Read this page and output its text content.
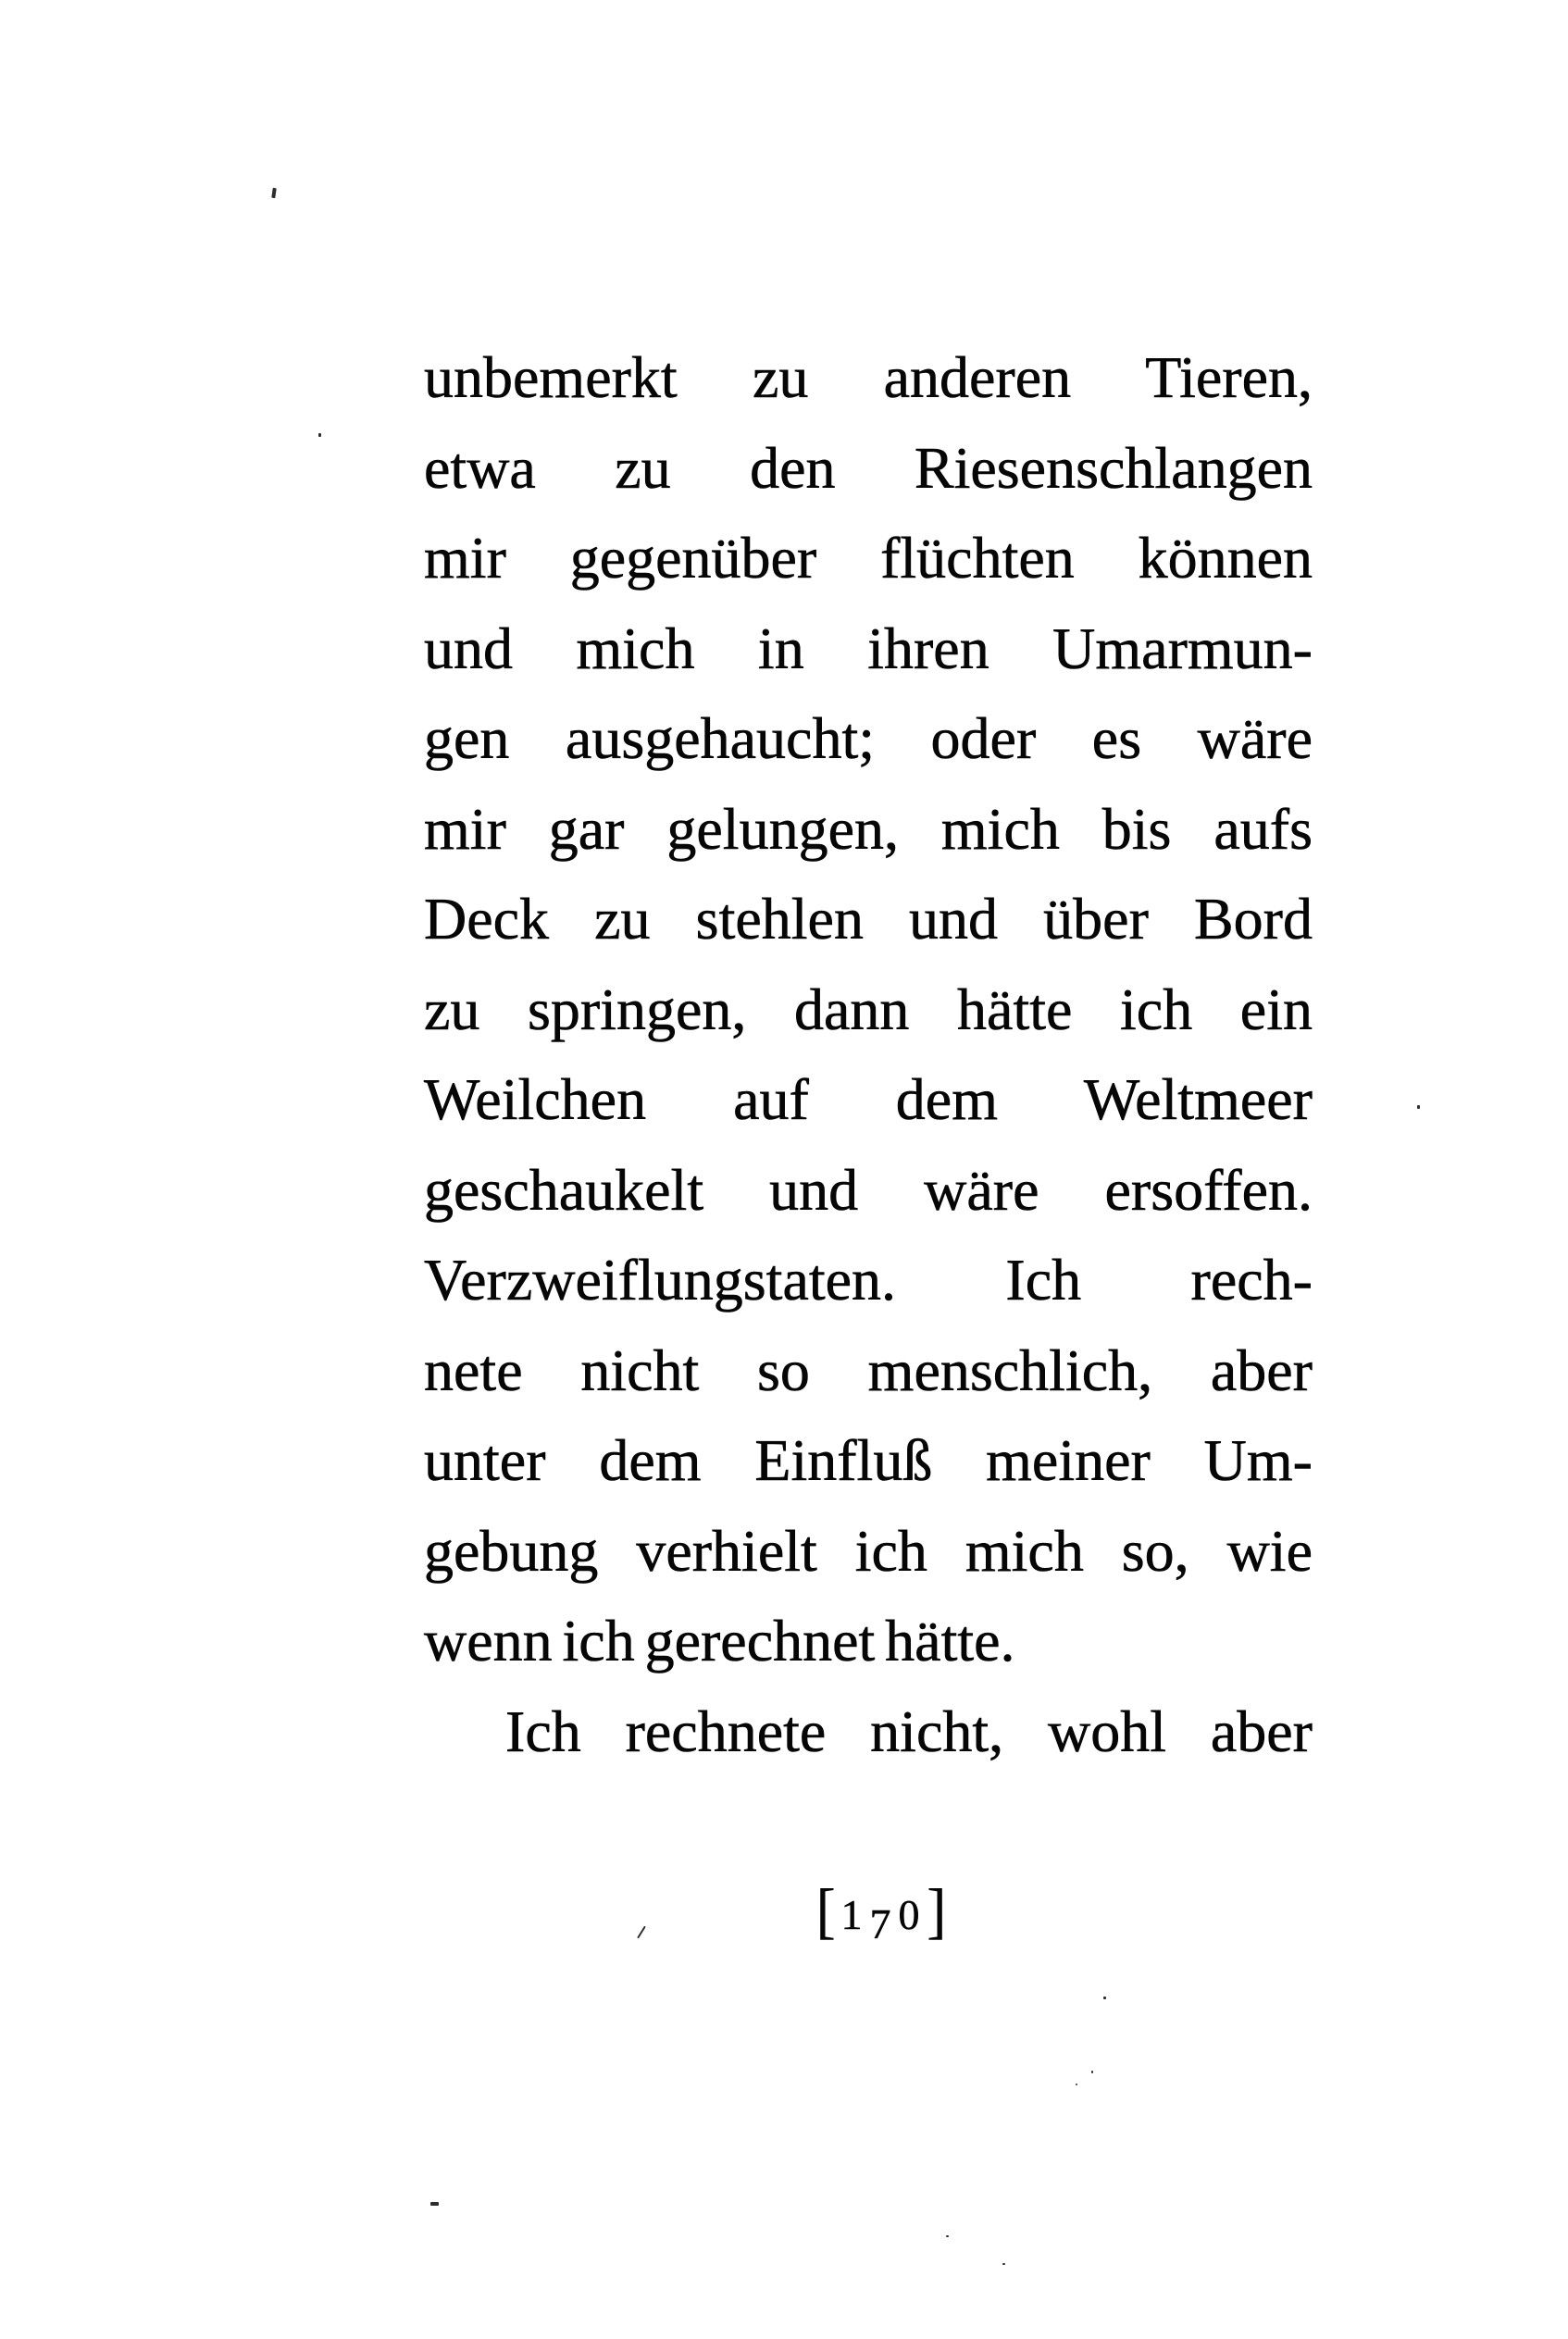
unbemerkt zu anderen Tieren,
etwa zu den Riesenschlangen
mir gegenüber flüchten können
und mich in ihren Umarmun-
gen ausgehaucht; oder es wäre
mir gar gelungen, mich bis aufs
Deck zu stehlen und über Bord
zu springen, dann hätte ich ein
Weilchen auf dem Weltmeer
geschaukelt und wäre ersoffen.
Verzweiflungstaten. Ich rech-
nete nicht so menschlich, aber
unter dem Einfluß meiner Um-
gebung verhielt ich mich so, wie
wenn ich gerechnet hätte.
Ich rechnete nicht, wohl aber
[ 1 7 0]
